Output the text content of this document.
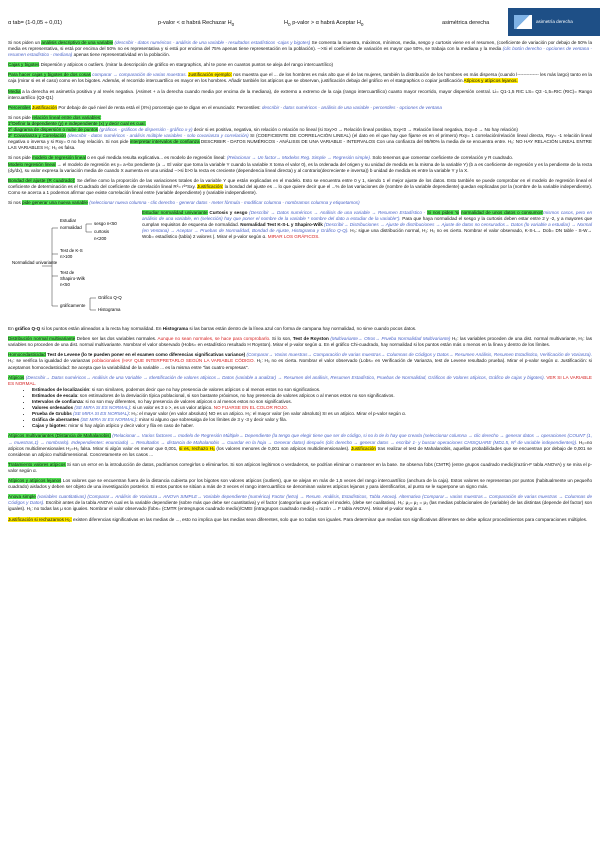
α tab= (1-0,05 ÷ 0,01)	p-valor < α habrá Rechazar $H_0$	$H_0$ p-valor > α habrá Aceptar $H_0$	asimétrica derecha	asimetría derecha

Si nos piden un análisis descriptivo de una variable (describir - datos numéricos - análisis de una variable - resultados estadísticos -cajas y bigotes) Se comenta la muestra, máximos, mínimos, media, sesgo y curtosis viene en el resumen, (coeficiente de variación por debajo de 50% la media es representativa, si está por encima del 50% no es representativa y si está por encima del 75% apenas tiene representación en la población). -->Si el coeficiente de variación es mayor que 50%, se trabaja con la mediana y la media (clic botón derecho - opciones de ventana - resumen estadístico - mediana) apenas tiene representatividad en la población.

Cajas y bigotes Dispersión y atípicos o outliers. (mirar la descripción de gráfico en stargraphics, ahí te pone en cuantos puntos se aleja del rango intercuartílico)

Para hacer cajas y bigotes de dos cosas comparar → comparación de varias muestras. Justificación ejemplo: nos muestra que el ... de los hombres es más alto que el de las mujeres, también la distribución de los hombres es más dispersa (cuando l-------------- les más largo) tanto en la caja (mirar si es el caso) como en los bigotes. Además, el recorrido intercuartílico es mayor en los hombres. Añadir también los atípicos que se observan, justificación debajo del gráfico en el statgraphics o copiar justificación Atípicos y atípicos lejanos.

Media a la derecha es asimetría positiva y al revés negativa. (Asimet + a la derecha cuando media por encima de la mediana), de extremo a extremo de la caja (rango intercuartílico) cuanto mayor recorrido, mayor dispersión central. Li= Q1-1,5 RIC LS= Q3 -1,5=RIC (RIC)= Rango intercuartílico (Q3-Q1)

Percentiles Justificación Por debajo de qué nivel de renta está el (X%) porcentaje que te digan en el enunciado: Percentiles: describir - datos numéricos - análisis de una variable - percentiles - opciones de ventana

Si nos pide relación lineal entre dos variables:

1ºDefinir la dependiente (y) e independiente (x) y decir cual es cual.

2º diagrama de dispersión o nube de puntos (gráficos - gráficos de dispersión - gráfico x-y) decir si es positiva, negativa, sin relación o relación no lineal (si Sxy>0 → Relación lineal positiva, Sxy<0 → Relación lineal negativa, Sxy=0 → No hay relación)

3º Covarianza y Correlación (describir - datos numéricos - análisis múltiple variables - solo covarianza y correlación) SI (COEFICIENTE DE CORRELACIÓN LINEAL) (el dato en el que hay que fijarse es en el primero) Rxy= 1 correlación/relación lineal directa, Rxy= -1 relación lineal negativa o inversa y si Rxy= 0 no hay relación. Si nos pide interpretar intervalos de confianza DESCRIBIR - DATOS NUMÉRICOS - ANÁLISIS DE UNA VARIABLE - INTERVALOS Con una confianza del 95/90% la media de se encuentra entre. H₀: NO HAY RELACIÓN LINEAL ENTRE LAS VARIABLES H₁: H₀ es falsa.

Si nos pide modelo de regresión lineal o en qué medida resulta explicativa... es modelo de regresión lineal: (Relacionar → Un factor→ Modelos Reg. Simple → Regresión simple). Solo tenemos que comentar coeficiente de correlación y R cuadrado.

Modelo regresión lineal → el modelo de regresión es y= a+bx pendiente (a → El valor que toma la variable Y cuando la variable X toma el valor 0), es la ordenada del origen y su unidad de medida es la misma de la variable Y) (b a es coeficiente de regresión y es la pendiente de la recta (dy/dx), su valor expresa la variación media de cuando X aumenta en una unidad -->si b>0 la recta es creciente (dependencia lineal directa) y al contrario(decreciente e inversa)) b unidad de medida es entre la variable Y y la X.

Bondad del ajuste (R cuadrado): Se define como la proporción de las variaciones totales de la variable Y que están explicadas en el modelo. Esto se encuentra entre 0 y 1, siendo 1 el mejor ajuste de los datos. Esto también se puede comprobar en el modelo de regresión lineal el coeficiente de determinación es el Cuadrado del coeficiente de correlación lineal R²= r²*Sxy. Justificación: la bondad del ajuste es ... lo que quiere decir que el ...% de las variaciones de (nombre de la variable dependiente) quedan explicadas por la (nombre de la variable independiente). Como se acerca a 1 podemos afirmar que existe correlación lineal entre (variable dependiente) y (variable independiente).

Si nos pide generar una nueva variable (seleccionar nueva columna - clic derecho - generar datos - meter fórmula - modificar columna - nombramos columna y etiquetamos)

Normalidad univariante
Estudiar
normalidad
sesgo n<50
curtosis
n<200
Test de K-S
n>100
Test de
Shapiro-Wilk
n<50
gráficamente
Gráfico Q-Q
Histograma
Estudiar normalidad univariante Curtosis y sesgo (Describir → Datos numéricos → Análisis de una variable → Resumen Estadístico - Si nos piden 'si normalidad de unos datos o consumos'mismos casos, pero en análisis de una variable, en (selección) hay que poner el nombre de la variable * nombre del dato a estudiar de la variable"). Para que haya normalidad el sesgo y la curtosis deben estar entre 2 y -2, y a mayores que cumplan requisitos de esquema de normalidad. Normalidad Test K-S-L y Shapiro-Wilk (Describir→ Distribuciones → Ajuste de distribuciones → Ajuste de datos no censurados→ Datos (lo variable a estudiar) → Normal (en Ventana) → Aceptar → Pruebas de Normalidad, Bondad de Ajuste, Histograma y Gráfico Q-Q). H₀: sigue una distribución normal, H₁: H₀ no es cierto. Nombrar el valor observado, K-S-L→ Dob= DN table - S-W→ Wob= estadístico (tabla) 2 valores (. Mirar el p-valor según α. MIRAR LOS GRÁFICOS.

En gráfico Q-Q si los puntos están alineados a la recta hay normalidad. En Histograma si las barras están dentro de la línea azul con forma de campana hay normalidad, no sirve cuando pocos datos.

Distribución normal multivariante Deben ser las dos variables normales. Aunque no sean normales, se hace para comprobarlo. Si lo son, Test de Royston (Multivariante→ Otros→ Prueba Normalidad Multivariante) H₀: las variables proceden de una dist. normal multivariante, H₁: las variables no proceden de una dist. normal multivariante. Nombrar el valor observado (Hobs= en estadístico resultado H Royston). Mirar el p-valor según α. En el gráfico Chi-cuadrado, hay normalidad si los puntos están más o menos en la línea y dentro de los límites.

Homocedasticidad Test de Levene (lo te pueden poner en el examen como diferencias significativas variance) (Comparar→ Varias muestras→ Comparación de varias muestras→ Columnas de Códigos y Datos→ Resumen Análisis, Resumen Estadístico, Verificación de Varianza). H₀: se verifica la igualdad de varianzas poblacionales (HAY QUE INTERPRETARLO SEGÚN LA VARIABLE CÓDIGO. H₁: H₀ no es cierta. Nombrar el valor observado (Lobs= en Verificación de Varianza, test de Levene resultado prueba). Mirar el p-valor según α. Justificación: si aceptamos homocedasticidad: Se acepta que la variabilidad de la variable ... es la misma entre "las cuatro empresas".

Atípicos (Describir→ Datos numéricos→ Análisis de una Variable → Identificación de valores atípicos→ Datos (variable a analizar) → Resumen del análisis, Resumen Estadístico, Pruebas de Normalidad, Gráficos de Valores atípicos, Gráfico de cajas y bigotes). VER SI LA VARIABLE ES NORMAL.

• Estimados de localización: si son similares, podemos decir que no hay presencia de valores atípicos o al menos estos no son significativos.
• Estimados de escala: son estimadores de la desviación típica poblacional, si son bastante próximos, no hay presencia de valores atípicos o al menos estos no son significativos.
• Intervalos de confianza: si no son muy diferentes, no hay presencia de valores atípicos o al menos estos no son significativos.
• Valores ordenados (SE MIRA SI ES NORMAL): si un valor es 3 o >, es un valor atípico. NO FIJARSE EN EL COLOR ROJO.
• Prueba de Grubbs (SE MIRA SI ES NORMAL): H₀: el mayor valor (en valor absoluto) NO es un atípico. H₁: el mayor valor (en valor absoluto) SI es un atípico. Mirar el p-valor según α.
• Gráfica de aberrantes (SE MIRA SI ES NORMAL): mirar si alguno que sobresalga de los límites de 3 y -3 y decir valor y fila.
• Cajas y bigotes: mirar si hay algún atípico y decir valor y fila en caso de haber.

Atípicos multivariantes (Distancia de Mahalanobis) (Relacionar→ Varios factores→ modelo de Regresión Múltiple→ Dependiente (la tengo que elegir tiene que ser de código, si no lo tie lo hay que crearla (seleccionar columna → clic derecho → generar datos → operaciones (COUNT (1, → muestras,1) → nombrarlo). Independientes: enunciado) → Resultados → distancia de Mahalanobis → Guardar en la hoja → Generar datos) después (clic derecho → generar datos → escribir 1- y buscar operaciones CHISQUARE (MD1.5, Nº de variable independientes)). H₀=no atípicos multidimensionales H₁=H₀ falsa. Mirar si algún valor es menor que 0,001, si es, rechazo H₀ (los valores menores de 0,001 son atípicos multidimensionales). Justificación tras realizar el test de Mahalanobis, aquellas probabilidades que se encuentran por debajo de 0,001 se consideran un atípico multidimensional. Concretamente en los casos ...

Tratamiento valores atípicos Si son un error en la introducción de datos, podríamos corregirlos o eliminarlos. Si son atípicos legítimos o verdaderos, se podrían eliminar o mantener en la base. Se observa fobs (CMTR) (entre grupos cuadrado medio)/razón-F tabla ANOVA) y se mira el p-valor según α.

Atípicos y atípicos lejanos Los valores que se encuentran fuera de la distancia cubierta por los bigotes son valores atípicos (outliers), que se alejan en más de 1,5 veces del rango intercuartílico (anchura de la caja). Estos valores se representan por puntos (habitualmente un pequeño cuadrado) aislados y deben ser objeto de una investigación posterior. Si estos puntos se sitúan a más de 3 veces el rango intercuartílico se denominan valores atípicos lejanos y para identificarlos, al punto se le superpone un signo más.

Anova simple (variables cuantitativas) (Comparar→ Análisis de Varianza→ ANOVA SIMPLE→ Variable dependiente (numérica) Factor (letra) → Resum. Análisis, Estadísticos, Tabla Anova). Alternativa (Comparar→ varias muestras→ Comparación de varias muestras → Columnas de Códigos y Datos). Escribir antes de la tabla ANOVA cual es la variable dependiente (sobre más que debe ser cuantitativa) y el factor (categorías que explican el modelo, (debe ser cualitativa). H₀: μ₁= μ₂ = μ₃ (las medias poblacionales de (variable) de las distintas (depende del factor) son iguales). H₁: no todas las μ son iguales. Nombrar el valor observado (fobs= (CMTR (entregrupos cuadrado medio)/CMEI (intragrupos cuadrado medio) = razón → F tabla ANOVA). Mirar el p-valor según α.

Justificación si rechazamos H₀: existen diferencias significativas en las medias de ..., esto no implica que las medias sean diferentes, solo que no todas son iguales. Para determinar que medias son significativas diferentes se debe aplicar procedimientos para comparaciones múltiples.
